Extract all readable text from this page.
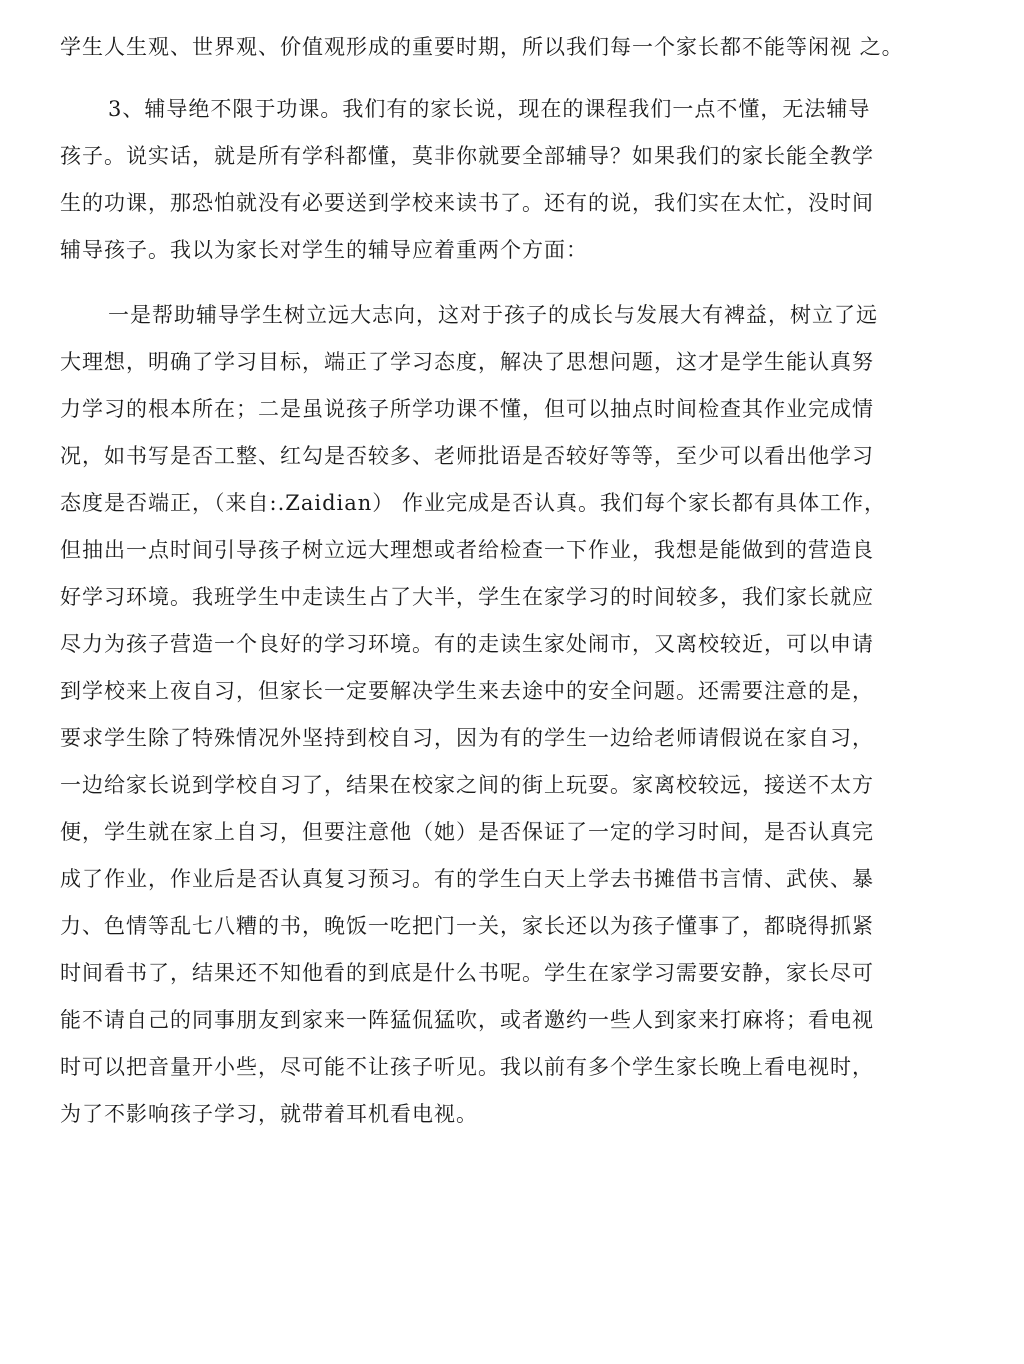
学生人生观、世界观、价值观形成的重要时期，所以我们每一个家长都不能等闲视 之。
3、辅导绝不限于功课。我们有的家长说，现在的课程我们一点不懂，无法辅导
孩子。说实话，就是所有学科都懂，莫非你就要全部辅导？如果我们的家长能全教学
生的功课，那恐怕就没有必要送到学校来读书了。还有的说，我们实在太忙，没时间
辅导孩子。我以为家长对学生的辅导应着重两个方面：
一是帮助辅导学生树立远大志向，这对于孩子的成长与发展大有裨益，树立了远
大理想，明确了学习目标，端正了学习态度，解决了思想问题，这才是学生能认真努
力学习的根本所在；二是虽说孩子所学功课不懂，但可以抽点时间检查其作业完成情
况，如书写是否工整、红勾是否较多、老师批语是否较好等等，至少可以看出他学习
态度是否端正，（来自:.Zaidian） 作业完成是否认真。我们每个家长都有具体工作，
但抽出一点时间引导孩子树立远大理想或者给检查一下作业，我想是能做到的营造良
好学习环境。我班学生中走读生占了大半，学生在家学习的时间较多，我们家长就应
尽力为孩子营造一个良好的学习环境。有的走读生家处闹市，又离校较近，可以申请
到学校来上夜自习，但家长一定要解决学生来去途中的安全问题。还需要注意的是，
要求学生除了特殊情况外坚持到校自习，因为有的学生一边给老师请假说在家自习，
一边给家长说到学校自习了，结果在校家之间的街上玩耍。家离校较远，接送不太方
便，学生就在家上自习，但要注意他（她）是否保证了一定的学习时间，是否认真完
成了作业，作业后是否认真复习预习。有的学生白天上学去书摊借书言情、武侠、暴
力、色情等乱七八糟的书，晚饭一吃把门一关，家长还以为孩子懂事了，都晓得抓紧
时间看书了，结果还不知他看的到底是什么书呢。学生在家学习需要安静，家长尽可
能不请自己的同事朋友到家来一阵猛侃猛吹，或者邀约一些人到家来打麻将；看电视
时可以把音量开小些，尽可能不让孩子听见。我以前有多个学生家长晚上看电视时，
为了不影响孩子学习，就带着耳机看电视。
